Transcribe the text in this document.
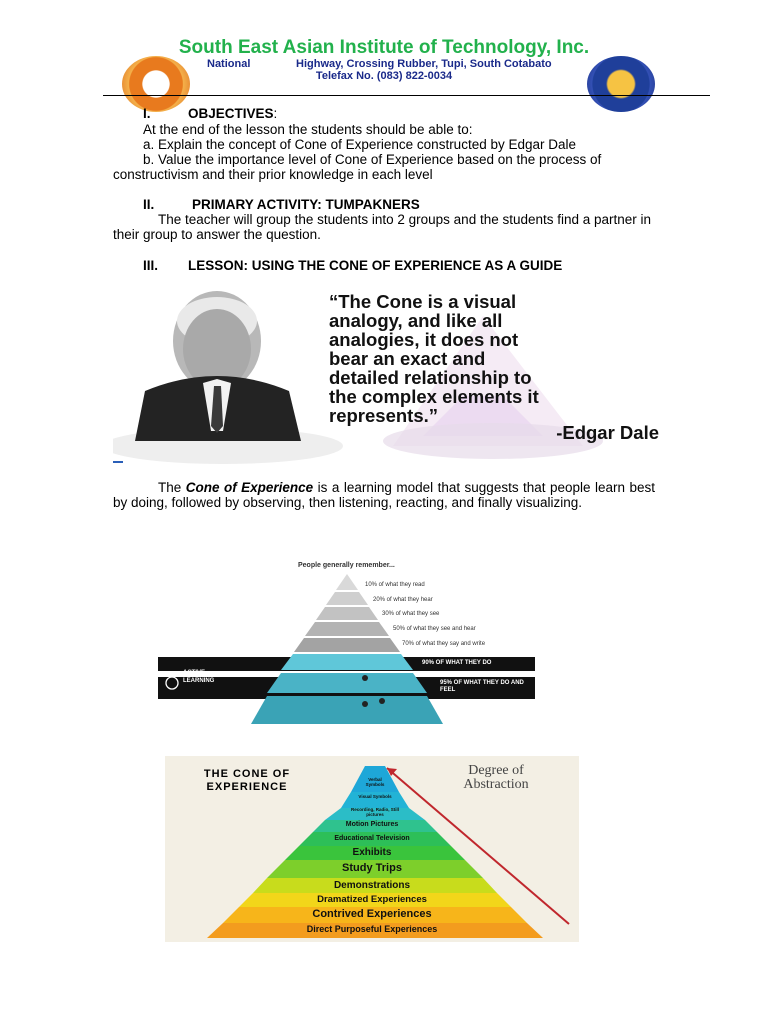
South East Asian Institute of Technology, Inc.
National	Highway, Crossing Rubber, Tupi, South Cotabato
Telefax No. (083) 822-0034
I.	OBJECTIVES:
At the end of the lesson the students should be able to:
a. Explain the concept of Cone of Experience constructed by Edgar Dale
b. Value the importance level of Cone of Experience based on the process of
constructivism and their prior knowledge in each level
II.	PRIMARY ACTIVITY: TUMPAKNERS
The teacher will group the students into 2 groups and the students find a partner in their group to answer the question.
III. LESSON: USING THE CONE OF EXPERIENCE AS A GUIDE
“The Cone is a visual
analogy, and like all
analogies, it does not
bear an exact and
detailed relationship to
the complex elements it
represents.”
-Edgar Dale
The Cone of Experience is a learning model that suggests that people learn best by doing, followed by observing, then listening, reacting, and finally visualizing.
People generally remember...
10% of what they read
20% of what they hear
30% of what they see
50% of what they see and hear
70% of what they say and write
90% OF WHAT THEY DO
95% OF WHAT THEY DO AND FEEL
ACTIVE LEARNING
THE CONE OF EXPERIENCE
Degree of Abstraction
Verbal Symbols
Visual Symbols
Recording, Radio, Still pictures
Motion Pictures
Educational Television
Exhibits
Study Trips
Demonstrations
Dramatized Experiences
Contrived Experiences
Direct Purposeful Experiences
